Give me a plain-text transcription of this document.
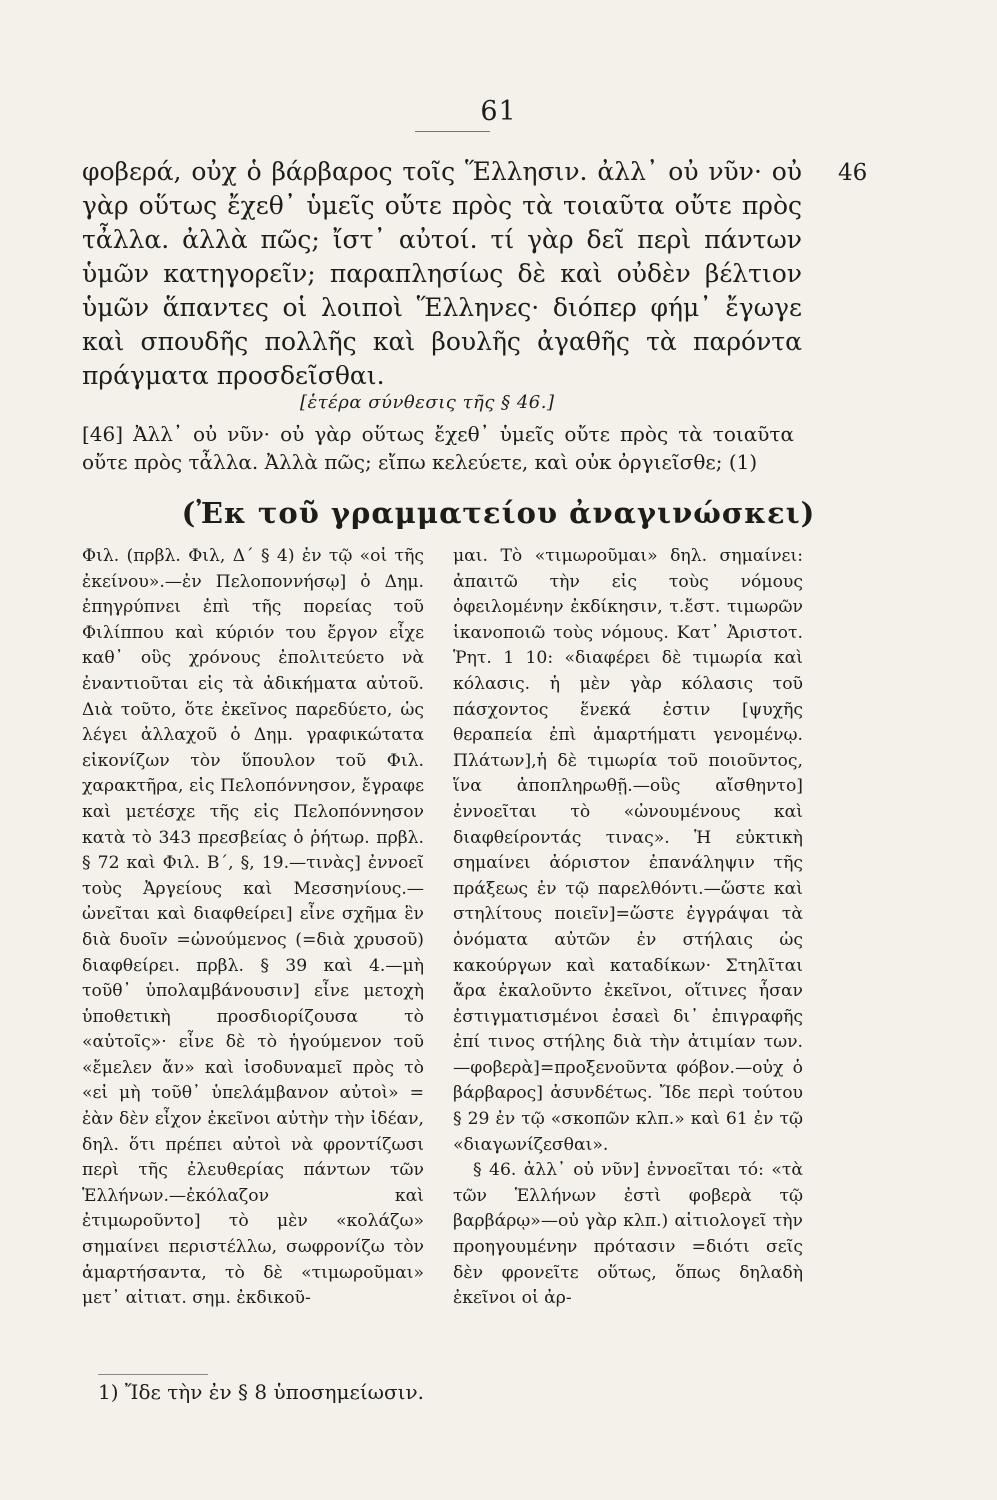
61
46

φοβερά, οὐχ ὁ βάρβαρος τοῖς Ἕλλησιν. ἀλλ᾽ οὐ νῦν· οὐ γὰρ οὕτως ἔχεθ᾽ ὑμεῖς οὔτε πρὸς τὰ τοιαῦτα οὔτε πρὸς τἆλλα. ἀλλὰ πῶς; ἴστ᾽ αὐτοί. τί γὰρ δεῖ περὶ πάντων ὑμῶν κατηγορεῖν; παραπλησίως δὲ καὶ οὐδὲν βέλτιον ὑμῶν ἅπαντες οἱ λοιποὶ Ἕλληνες· διόπερ φήμ᾽ ἔγωγε καὶ σπουδῆς πολλῆς καὶ βουλῆς ἀγαθῆς τὰ παρόντα πράγματα προσδεῖσθαι.

[ἑτέρα σύνθεσις τῆς § 46.]
[46] Ἀλλ᾽ οὐ νῦν· οὐ γὰρ οὕτως ἔχεθ᾽ ὑμεῖς οὔτε πρὸς τὰ τοιαῦτα οὔτε πρὸς τἆλλα. Ἀλλὰ πῶς; εἴπω κελεύετε, καὶ οὐκ ὀργιεῖσθε; (1)
(Ἐκ τοῦ γραμματείου ἀναγινώσκει)

Φιλ. (πρβλ. Φιλ, Δ΄ § 4) ἐν τῷ «οἱ τῆς ἐκείνου».—ἐν Πελοποννήσῳ] ὁ Δημ. ἐπηγρύπνει ἐπὶ τῆς πορείας τοῦ Φιλίππου καὶ κύριόν του ἔργον εἶχε καθ᾽ οὓς χρόνους ἐπολιτεύετο νὰ ἐναντιοῦται εἰς τὰ ἀδικήματα αὐτοῦ. Διὰ τοῦτο, ὅτε ἐκεῖνος παρεδύετο, ὡς λέγει ἀλλαχοῦ ὁ Δημ. γραφικώτατα εἰκονίζων τὸν ὕπουλον τοῦ Φιλ. χαρακτῆρα, εἰς Πελοπόννησον, ἔγραφε καὶ μετέσχε τῆς εἰς Πελοπόννησον κατὰ τὸ 343 πρεσβείας ὁ ῥήτωρ. πρβλ. § 72 καὶ Φιλ. Β΄, §, 19.—τινὰς] ἐννοεῖ τοὺς Ἀργείους καὶ Μεσσηνίους.—ὠνεῖται καὶ διαφθείρει] εἶνε σχῆμα ἓν διὰ δυοῖν =ὠνούμενος (=διὰ χρυσοῦ) διαφθείρει. πρβλ. § 39 καὶ 4.—μὴ τοῦθ᾽ ὑπολαμβάνουσιν] εἶνε μετοχὴ ὑποθετικὴ προσδιορίζουσα τὸ «αὐτοῖς»· εἶνε δὲ τὸ ἡγούμενον τοῦ «ἔμελεν ἄν» καὶ ἰσοδυναμεῖ πρὸς τὸ «εἰ μὴ τοῦθ᾽ ὑπελάμβανον αὐτοὶ» = ἐὰν δὲν εἶχον ἐκεῖνοι αὐτὴν τὴν ἰδέαν, δηλ. ὅτι πρέπει αὐτοὶ νὰ φροντίζωσι περὶ τῆς ἐλευθερίας πάντων τῶν Ἑλλήνων.—ἐκόλαζον καὶ ἐτιμωροῦντο] τὸ μὲν «κολάζω» σημαίνει περιστέλλω, σωφρονίζω τὸν ἁμαρτήσαντα, τὸ δὲ «τιμωροῦμαι» μετ᾽ αἰτιατ. σημ. ἐκδικοῦ-

μαι. Τὸ «τιμωροῦμαι» δηλ. σημαίνει: ἀπαιτῶ τὴν εἰς τοὺς νόμους ὀφειλομένην ἐκδίκησιν, τ.ἔστ. τιμωρῶν ἱκανοποιῶ τοὺς νόμους. Κατ᾽ Ἀριστοτ. Ῥητ. 1 10: «διαφέρει δὲ τιμωρία καὶ κόλασις. ἡ μὲν γὰρ κόλασις τοῦ πάσχοντος ἕνεκά ἐστιν [ψυχῆς θεραπεία ἐπὶ ἁμαρτήματι γενομένῳ. Πλάτων],ἡ δὲ τιμωρία τοῦ ποιοῦντος, ἵνα ἀποπληρωθῇ.—οὓς αἴσθηντο] ἐννοεῖται τὸ «ὠνουμένους καὶ διαφθείροντάς τινας». Ἡ εὐκτικὴ σημαίνει ἀόριστον ἐπανάληψιν τῆς πράξεως ἐν τῷ παρελθόντι.—ὥστε καὶ στηλίτους ποιεῖν]=ὥστε ἐγγράψαι τὰ ὀνόματα αὐτῶν ἐν στήλαις ὡς κακούργων καὶ καταδίκων· Στηλῖται ἄρα ἐκαλοῦντο ἐκεῖνοι, οἵτινες ἦσαν ἐστιγματισμένοι ἐσαεὶ δι᾽ ἐπιγραφῆς ἐπί τινος στήλης διὰ τὴν ἀτιμίαν των.—φοβερὰ]=προξενοῦντα φόβον.—οὐχ ὁ βάρβαρος] ἀσυνδέτως. Ἴδε περὶ τούτου § 29 ἐν τῷ «σκοπῶν κλπ.» καὶ 61 ἐν τῷ «διαγωνίζεσθαι».

§ 46. ἀλλ᾽ οὐ νῦν] ἐννοεῖται τό: «τὰ τῶν Ἑλλήνων ἐστὶ φοβερὰ τῷ βαρβάρῳ»—οὐ γὰρ κλπ.) αἰτιολογεῖ τὴν προηγουμένην πρότασιν =διότι σεῖς δὲν φρονεῖτε οὕτως, ὅπως δηλαδὴ ἐκεῖνοι οἱ ἀρ-

1) Ἴδε τὴν ἐν § 8 ὑποσημείωσιν.
